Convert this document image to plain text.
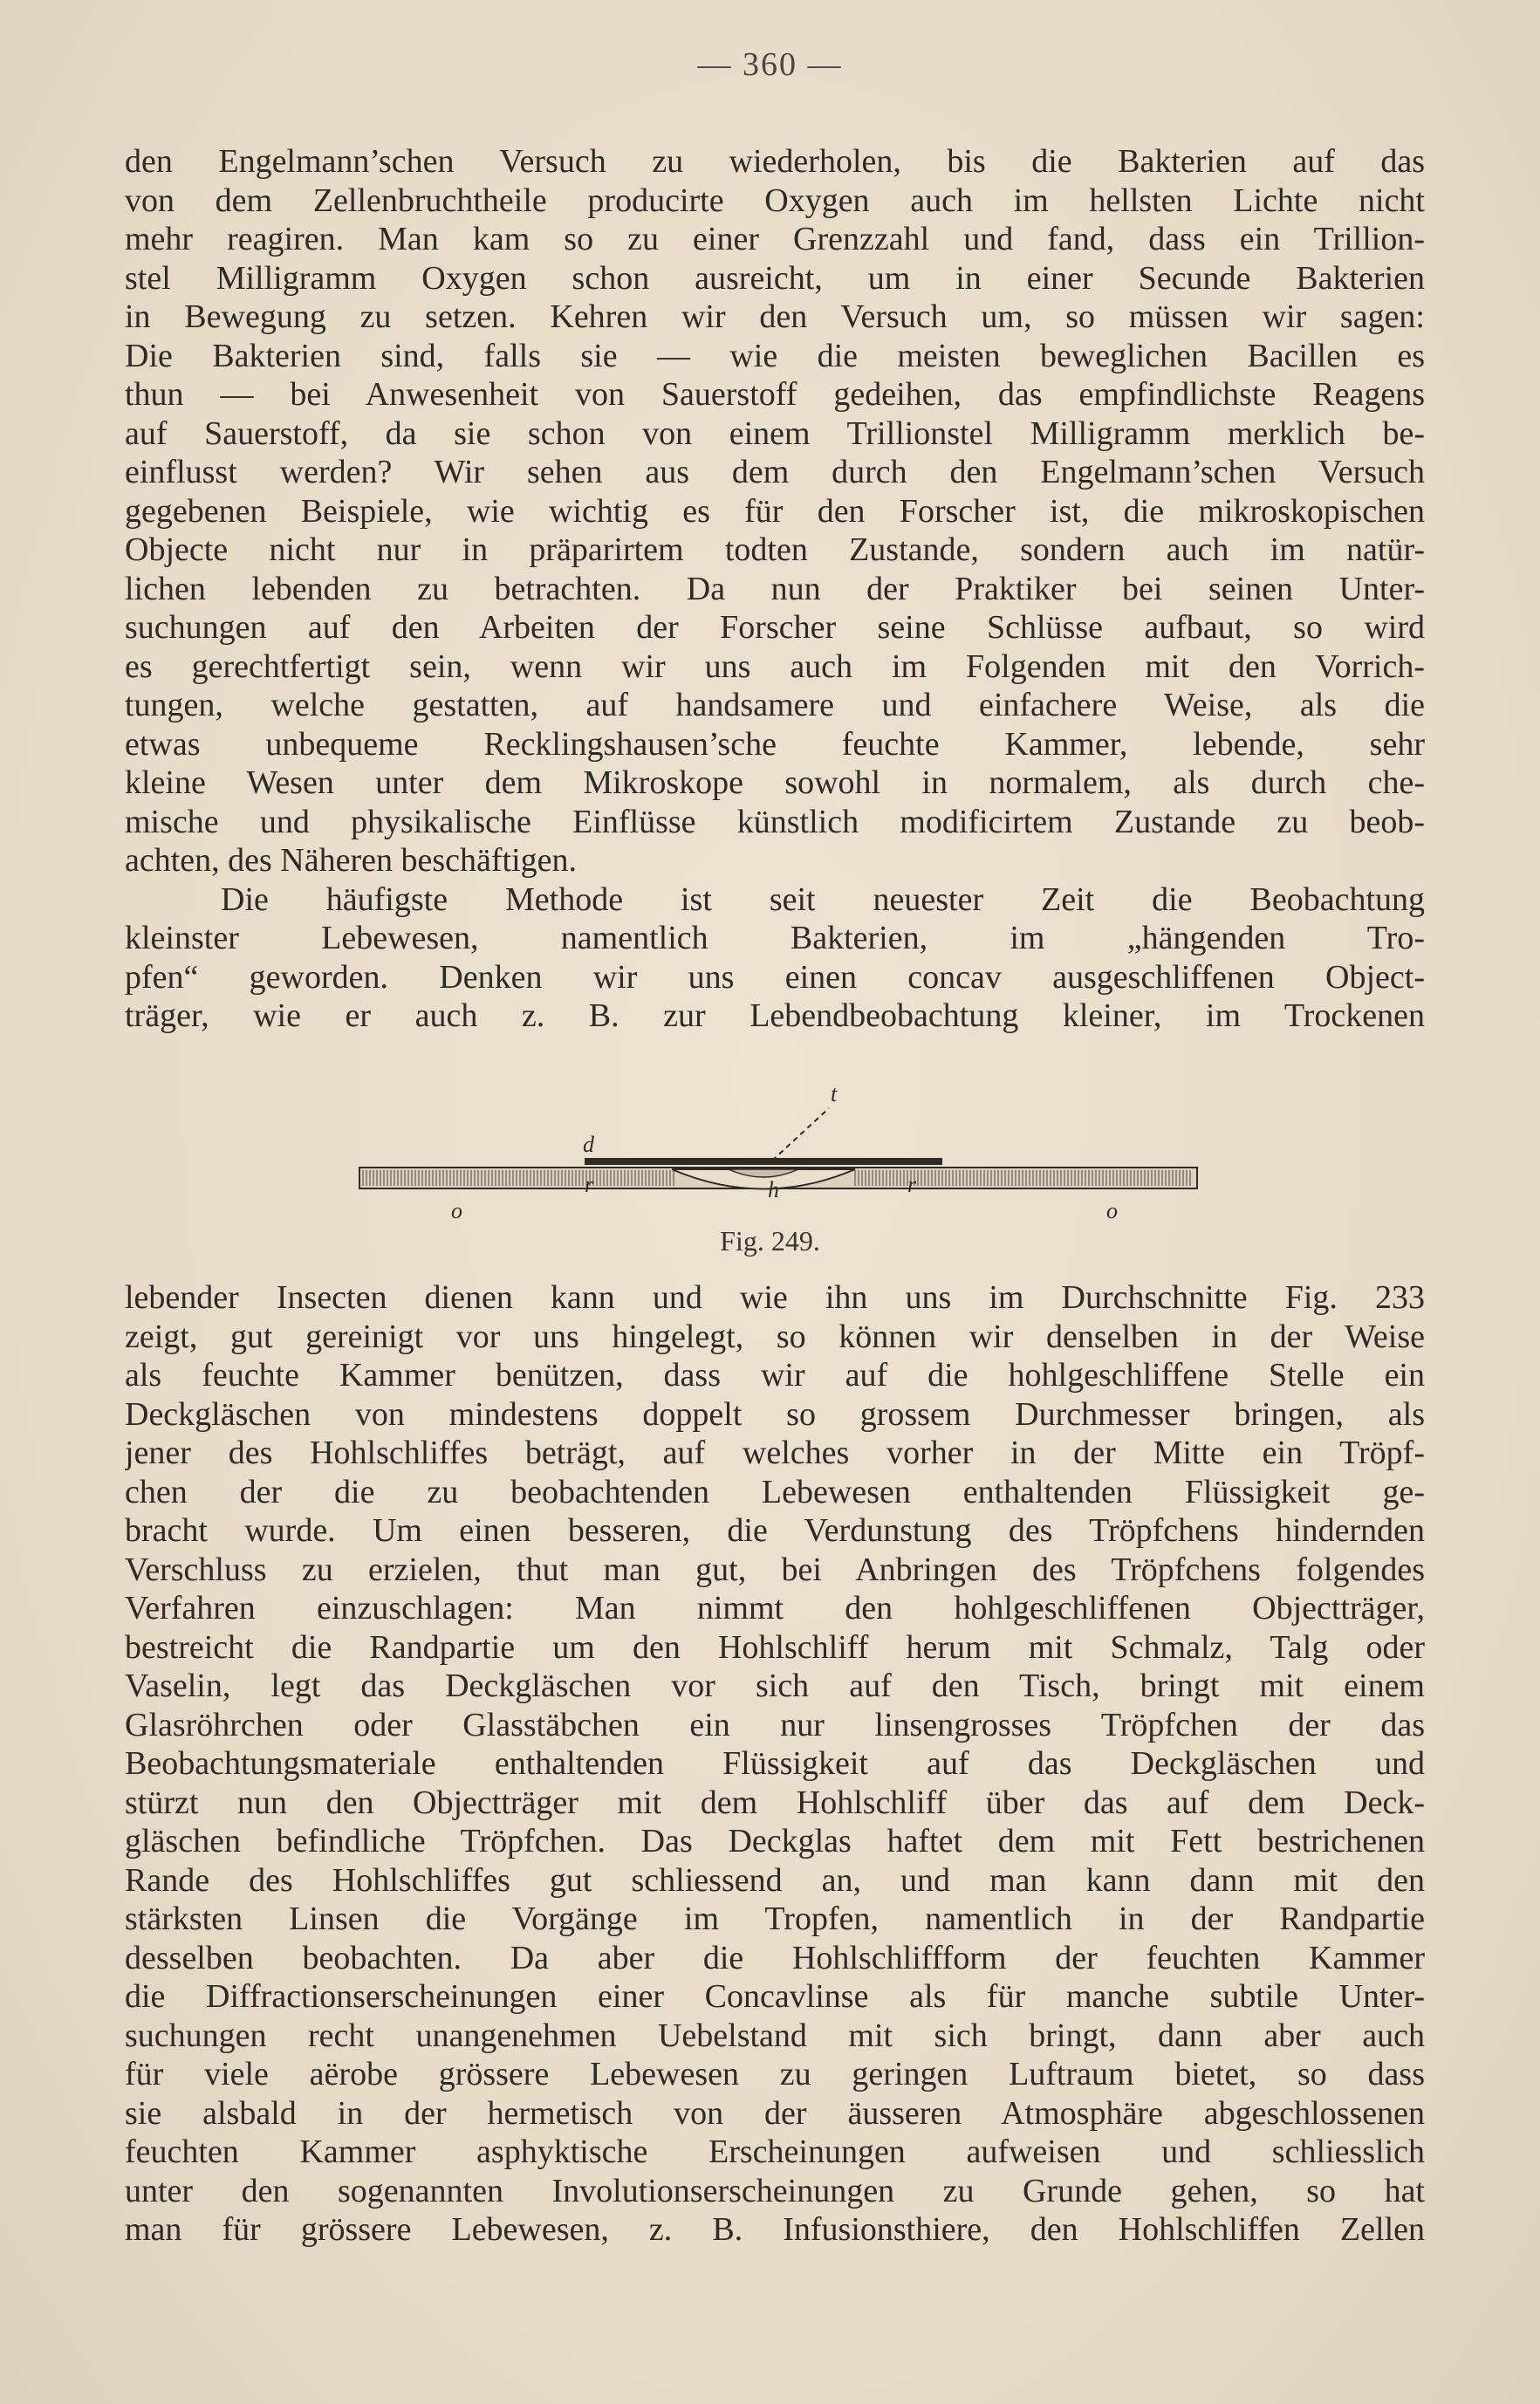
— 360 —
den Engelmann’schen Versuch zu wiederholen, bis die Bakterien auf das
von dem Zellenbruchtheile producirte Oxygen auch im hellsten Lichte nicht
mehr reagiren. Man kam so zu einer Grenzzahl und fand, dass ein Trillion-
stel Milligramm Oxygen schon ausreicht, um in einer Secunde Bakterien
in Bewegung zu setzen. Kehren wir den Versuch um, so müssen wir sagen:
Die Bakterien sind, falls sie — wie die meisten beweglichen Bacillen es
thun — bei Anwesenheit von Sauerstoff gedeihen, das empfindlichste Reagens
auf Sauerstoff, da sie schon von einem Trillionstel Milligramm merklich be-
einflusst werden? Wir sehen aus dem durch den Engelmann’schen Versuch
gegebenen Beispiele, wie wichtig es für den Forscher ist, die mikroskopischen
Objecte nicht nur in präparirtem todten Zustande, sondern auch im natür-
lichen lebenden zu betrachten. Da nun der Praktiker bei seinen Unter-
suchungen auf den Arbeiten der Forscher seine Schlüsse aufbaut, so wird
es gerechtfertigt sein, wenn wir uns auch im Folgenden mit den Vorrich-
tungen, welche gestatten, auf handsamere und einfachere Weise, als die
etwas unbequeme Recklingshausen’sche feuchte Kammer, lebende, sehr
kleine Wesen unter dem Mikroskope sowohl in normalem, als durch che-
mische und physikalische Einflüsse künstlich modificirtem Zustande zu beob-
achten, des Näheren beschäftigen.
Die häufigste Methode ist seit neuester Zeit die Beobachtung
kleinster Lebewesen, namentlich Bakterien, im „hängenden Tro-
pfen“ geworden. Denken wir uns einen concav ausgeschliffenen Object-
träger, wie er auch z. B. zur Lebendbeobachtung kleiner, im Trockenen
t
d
r	h	r
o	o
Fig. 249.
lebender Insecten dienen kann und wie ihn uns im Durchschnitte Fig. 233
zeigt, gut gereinigt vor uns hingelegt, so können wir denselben in der Weise
als feuchte Kammer benützen, dass wir auf die hohlgeschliffene Stelle ein
Deckgläschen von mindestens doppelt so grossem Durchmesser bringen, als
jener des Hohlschliffes beträgt, auf welches vorher in der Mitte ein Tröpf-
chen der die zu beobachtenden Lebewesen enthaltenden Flüssigkeit ge-
bracht wurde. Um einen besseren, die Verdunstung des Tröpfchens hindernden
Verschluss zu erzielen, thut man gut, bei Anbringen des Tröpfchens folgendes
Verfahren einzuschlagen: Man nimmt den hohlgeschliffenen Objectträger,
bestreicht die Randpartie um den Hohlschliff herum mit Schmalz, Talg oder
Vaselin, legt das Deckgläschen vor sich auf den Tisch, bringt mit einem
Glasröhrchen oder Glasstäbchen ein nur linsengrosses Tröpfchen der das
Beobachtungsmateriale enthaltenden Flüssigkeit auf das Deckgläschen und
stürzt nun den Objectträger mit dem Hohlschliff über das auf dem Deck-
gläschen befindliche Tröpfchen. Das Deckglas haftet dem mit Fett bestrichenen
Rande des Hohlschliffes gut schliessend an, und man kann dann mit den
stärksten Linsen die Vorgänge im Tropfen, namentlich in der Randpartie
desselben beobachten. Da aber die Hohlschliffform der feuchten Kammer
die Diffractionserscheinungen einer Concavlinse als für manche subtile Unter-
suchungen recht unangenehmen Uebelstand mit sich bringt, dann aber auch
für viele aërobe grössere Lebewesen zu geringen Luftraum bietet, so dass
sie alsbald in der hermetisch von der äusseren Atmosphäre abgeschlossenen
feuchten Kammer asphyktische Erscheinungen aufweisen und schliesslich
unter den sogenannten Involutionserscheinungen zu Grunde gehen, so hat
man für grössere Lebewesen, z. B. Infusionsthiere, den Hohlschliffen Zellen
